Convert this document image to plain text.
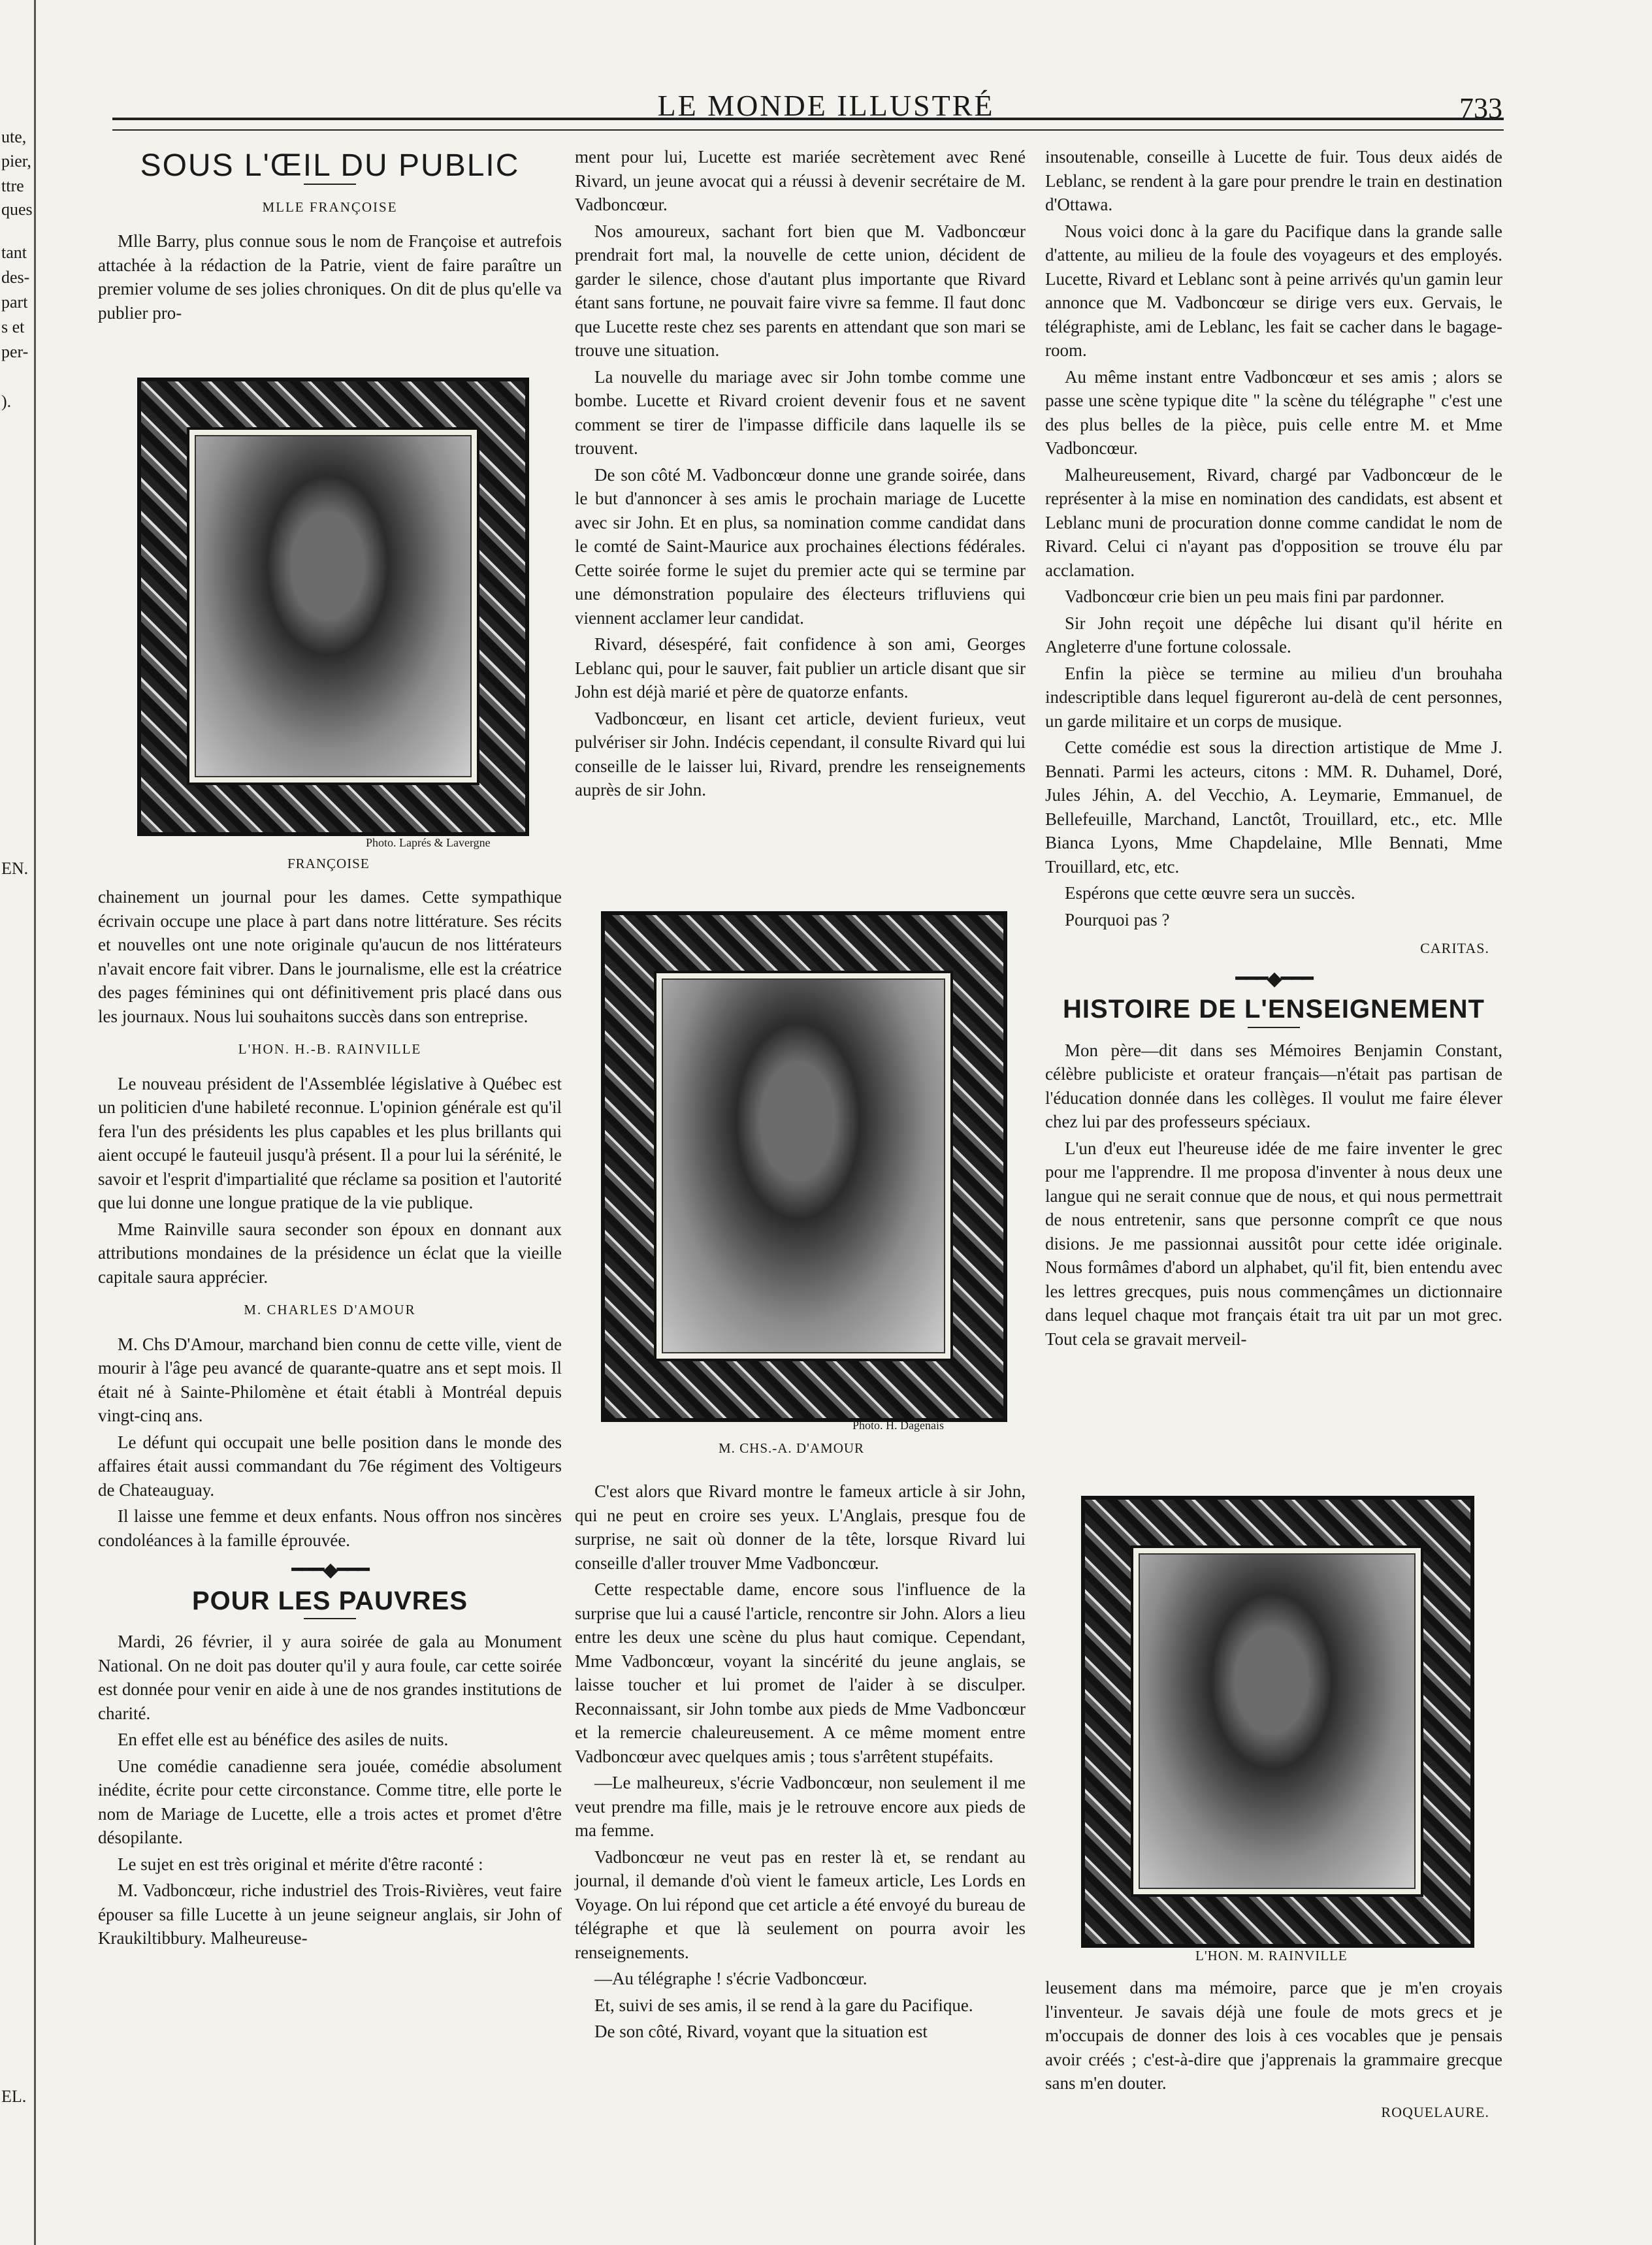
ute,
pier,
ttre
ques
tant
des-
part
s et
per-
).
EN.
EL.
LE MONDE ILLUSTRÉ	733
SOUS L'ŒIL DU PUBLIC
MLLE FRANÇOISE

Mlle Barry, plus connue sous le nom de Françoise et autrefois attachée à la rédaction de la Patrie, vient de faire paraître un premier volume de ses jolies chroniques. On dit de plus qu'elle va publier pro-

Photo. Laprés & Lavergne
FRANÇOISE

chainement un journal pour les dames. Cette sympathique écrivain occupe une place à part dans notre littérature. Ses récits et nouvelles ont une note originale qu'aucun de nos littérateurs n'avait encore fait vibrer. Dans le journalisme, elle est la créatrice des pages féminines qui ont définitivement pris placé dans ous les journaux. Nous lui souhaitons succès dans son entreprise.

L'HON. H.-B. RAINVILLE

Le nouveau président de l'Assemblée législative à Québec est un politicien d'une habileté reconnue. L'opinion générale est qu'il fera l'un des présidents les plus capables et les plus brillants qui aient occupé le fauteuil jusqu'à présent. Il a pour lui la sérénité, le savoir et l'esprit d'impartialité que réclame sa position et l'autorité que lui donne une longue pratique de la vie publique.

Mme Rainville saura seconder son époux en donnant aux attributions mondaines de la présidence un éclat que la vieille capitale saura apprécier.

M. CHARLES D'AMOUR

M. Chs D'Amour, marchand bien connu de cette ville, vient de mourir à l'âge peu avancé de quarante-quatre ans et sept mois. Il était né à Sainte-Philomène et était établi à Montréal depuis vingt-cinq ans.

Le défunt qui occupait une belle position dans le monde des affaires était aussi commandant du 76e régiment des Voltigeurs de Chateauguay.

Il laisse une femme et deux enfants. Nous offron nos sincères condoléances à la famille éprouvée.

━━━◆━━━
POUR LES PAUVRES

Mardi, 26 février, il y aura soirée de gala au Monument National. On ne doit pas douter qu'il y aura foule, car cette soirée est donnée pour venir en aide à une de nos grandes institutions de charité.

En effet elle est au bénéfice des asiles de nuits.

Une comédie canadienne sera jouée, comédie absolument inédite, écrite pour cette circonstance. Comme titre, elle porte le nom de Mariage de Lucette, elle a trois actes et promet d'être désopilante.

Le sujet en est très original et mérite d'être raconté :

M. Vadboncœur, riche industriel des Trois-Rivières, veut faire épouser sa fille Lucette à un jeune seigneur anglais, sir John of Kraukiltibbury. Malheureuse-

ment pour lui, Lucette est mariée secrètement avec René Rivard, un jeune avocat qui a réussi à devenir secrétaire de M. Vadboncœur.

Nos amoureux, sachant fort bien que M. Vadboncœur prendrait fort mal, la nouvelle de cette union, décident de garder le silence, chose d'autant plus importante que Rivard étant sans fortune, ne pouvait faire vivre sa femme. Il faut donc que Lucette reste chez ses parents en attendant que son mari se trouve une situation.

La nouvelle du mariage avec sir John tombe comme une bombe. Lucette et Rivard croient devenir fous et ne savent comment se tirer de l'impasse difficile dans laquelle ils se trouvent.

De son côté M. Vadboncœur donne une grande soirée, dans le but d'annoncer à ses amis le prochain mariage de Lucette avec sir John. Et en plus, sa nomination comme candidat dans le comté de Saint-Maurice aux prochaines élections fédérales. Cette soirée forme le sujet du premier acte qui se termine par une démonstration populaire des électeurs trifluviens qui viennent acclamer leur candidat.

Rivard, désespéré, fait confidence à son ami, Georges Leblanc qui, pour le sauver, fait publier un article disant que sir John est déjà marié et père de quatorze enfants.

Vadboncœur, en lisant cet article, devient furieux, veut pulvériser sir John. Indécis cependant, il consulte Rivard qui lui conseille de le laisser lui, Rivard, prendre les renseignements auprès de sir John.

Photo. H. Dagenais
M. CHS.-A. D'AMOUR

C'est alors que Rivard montre le fameux article à sir John, qui ne peut en croire ses yeux. L'Anglais, presque fou de surprise, ne sait où donner de la tête, lorsque Rivard lui conseille d'aller trouver Mme Vadboncœur.

Cette respectable dame, encore sous l'influence de la surprise que lui a causé l'article, rencontre sir John. Alors a lieu entre les deux une scène du plus haut comique. Cependant, Mme Vadboncœur, voyant la sincérité du jeune anglais, se laisse toucher et lui promet de l'aider à se disculper. Reconnaissant, sir John tombe aux pieds de Mme Vadboncœur et la remercie chaleureusement. A ce même moment entre Vadboncœur avec quelques amis ; tous s'arrêtent stupéfaits.

—Le malheureux, s'écrie Vadboncœur, non seulement il me veut prendre ma fille, mais je le retrouve encore aux pieds de ma femme.

Vadboncœur ne veut pas en rester là et, se rendant au journal, il demande d'où vient le fameux article, Les Lords en Voyage. On lui répond que cet article a été envoyé du bureau de télégraphe et que là seulement on pourra avoir les renseignements.

—Au télégraphe ! s'écrie Vadboncœur.

Et, suivi de ses amis, il se rend à la gare du Pacifique.

De son côté, Rivard, voyant que la situation est

insoutenable, conseille à Lucette de fuir. Tous deux aidés de Leblanc, se rendent à la gare pour prendre le train en destination d'Ottawa.

Nous voici donc à la gare du Pacifique dans la grande salle d'attente, au milieu de la foule des voyageurs et des employés. Lucette, Rivard et Leblanc sont à peine arrivés qu'un gamin leur annonce que M. Vadboncœur se dirige vers eux. Gervais, le télégraphiste, ami de Leblanc, les fait se cacher dans le bagage-room.

Au même instant entre Vadboncœur et ses amis ; alors se passe une scène typique dite " la scène du télégraphe " c'est une des plus belles de la pièce, puis celle entre M. et Mme Vadboncœur.

Malheureusement, Rivard, chargé par Vadboncœur de le représenter à la mise en nomination des candidats, est absent et Leblanc muni de procuration donne comme candidat le nom de Rivard. Celui ci n'ayant pas d'opposition se trouve élu par acclamation.

Vadboncœur crie bien un peu mais fini par pardonner.

Sir John reçoit une dépêche lui disant qu'il hérite en Angleterre d'une fortune colossale.

Enfin la pièce se termine au milieu d'un brouhaha indescriptible dans lequel figureront au-delà de cent personnes, un garde militaire et un corps de musique.

Cette comédie est sous la direction artistique de Mme J. Bennati. Parmi les acteurs, citons : MM. R. Duhamel, Doré, Jules Jéhin, A. del Vecchio, A. Leymarie, Emmanuel, de Bellefeuille, Marchand, Lanctôt, Trouillard, etc., etc. Mlle Bianca Lyons, Mme Chapdelaine, Mlle Bennati, Mme Trouillard, etc, etc.

Espérons que cette œuvre sera un succès.

Pourquoi pas ?

CARITAS.
━━━◆━━━
HISTOIRE DE L'ENSEIGNEMENT

Mon père—dit dans ses Mémoires Benjamin Constant, célèbre publiciste et orateur français—n'était pas partisan de l'éducation donnée dans les collèges. Il voulut me faire élever chez lui par des professeurs spéciaux.

L'un d'eux eut l'heureuse idée de me faire inventer le grec pour me l'apprendre. Il me proposa d'inventer à nous deux une langue qui ne serait connue que de nous, et qui nous permettrait de nous entretenir, sans que personne comprît ce que nous disions. Je me passionnai aussitôt pour cette idée originale. Nous formâmes d'abord un alphabet, qu'il fit, bien entendu avec les lettres grecques, puis nous commençâmes un dictionnaire dans lequel chaque mot français était tra uit par un mot grec. Tout cela se gravait merveil-

L'HON. M. RAINVILLE

leusement dans ma mémoire, parce que je m'en croyais l'inventeur. Je savais déjà une foule de mots grecs et je m'occupais de donner des lois à ces vocables que je pensais avoir créés ; c'est-à-dire que j'apprenais la grammaire grecque sans m'en douter.

ROQUELAURE.
